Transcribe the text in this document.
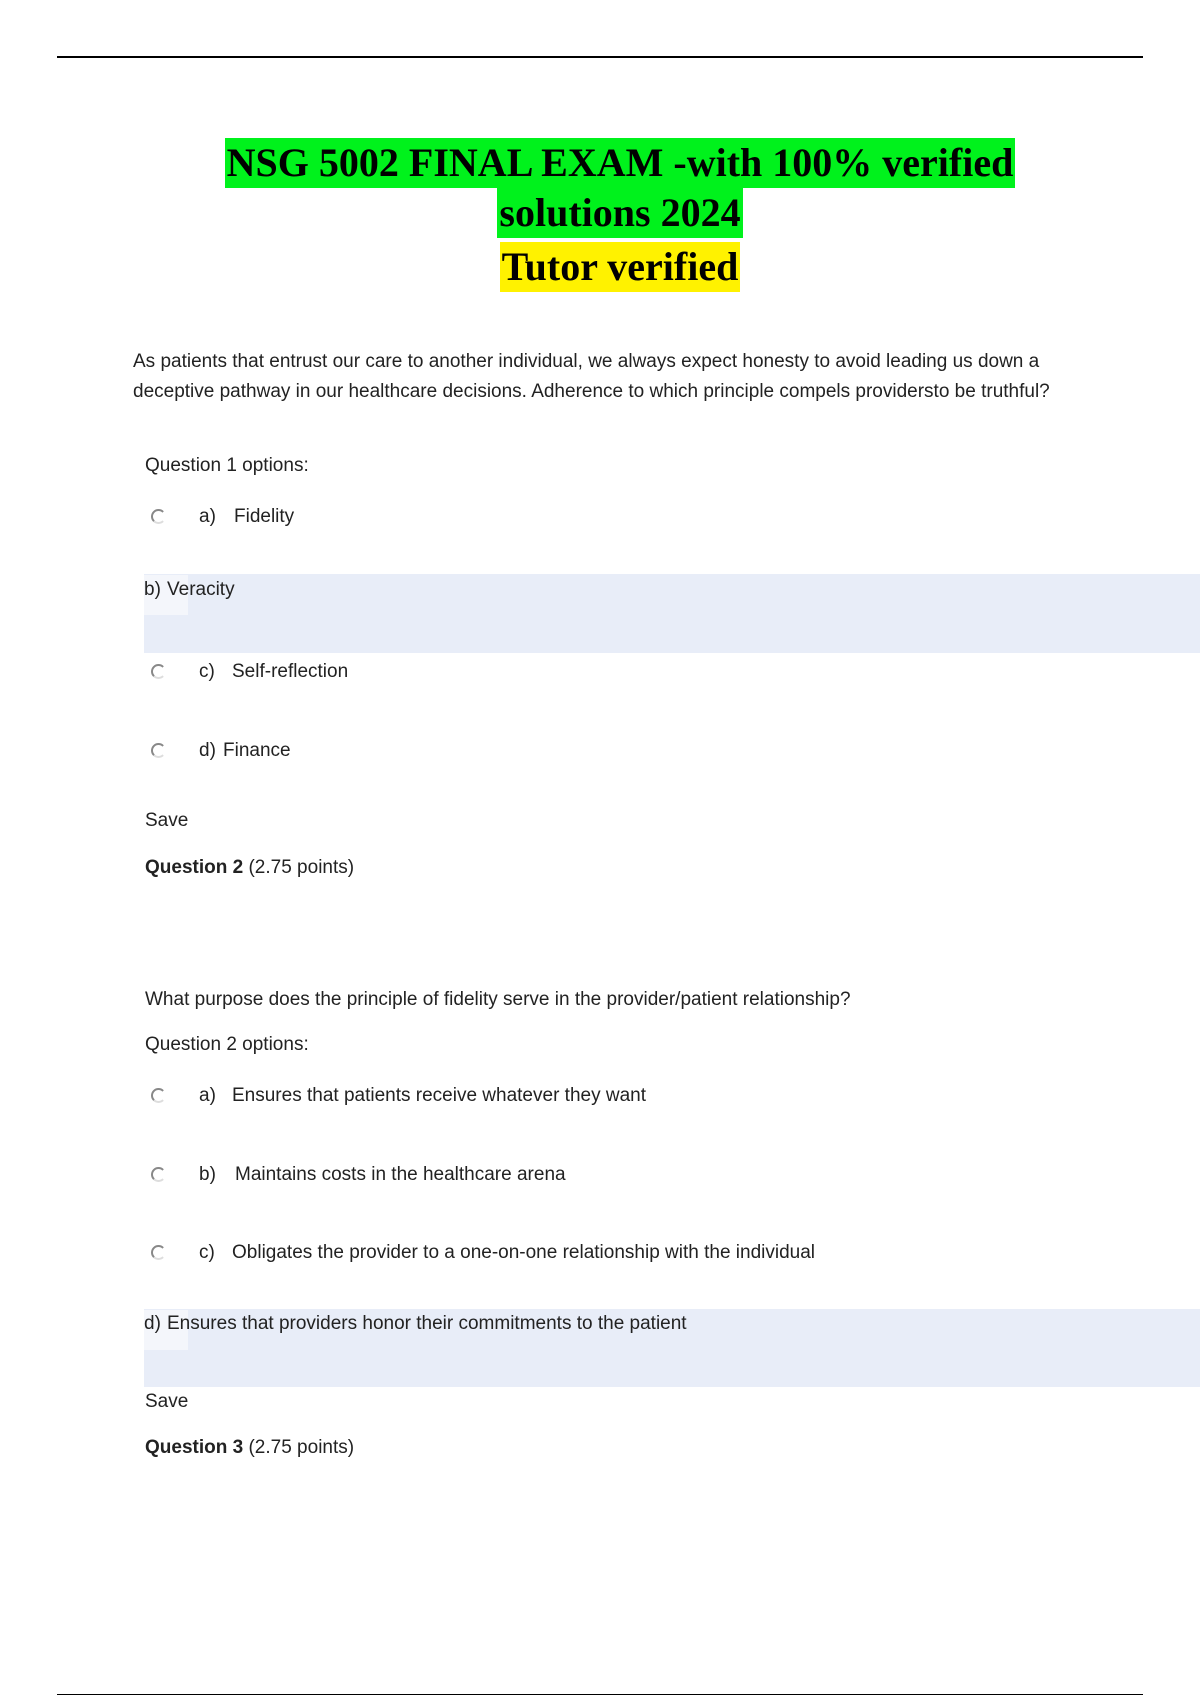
NSG 5002 FINAL EXAM -with 100% verified
solutions 2024
Tutor verified
As patients that entrust our care to another individual, we always expect honesty to avoid leading us down a deceptive pathway in our healthcare decisions. Adherence to which principle compels providersto be truthful?
Question 1 options:
a) Fidelity
b) Veracity
c) Self-reflection
d) Finance
Save
Question 2 (2.75 points)
What purpose does the principle of fidelity serve in the provider/patient relationship?
Question 2 options:
a) Ensures that patients receive whatever they want
b) Maintains costs in the healthcare arena
c) Obligates the provider to a one-on-one relationship with the individual
d) Ensures that providers honor their commitments to the patient
Save
Question 3 (2.75 points)
